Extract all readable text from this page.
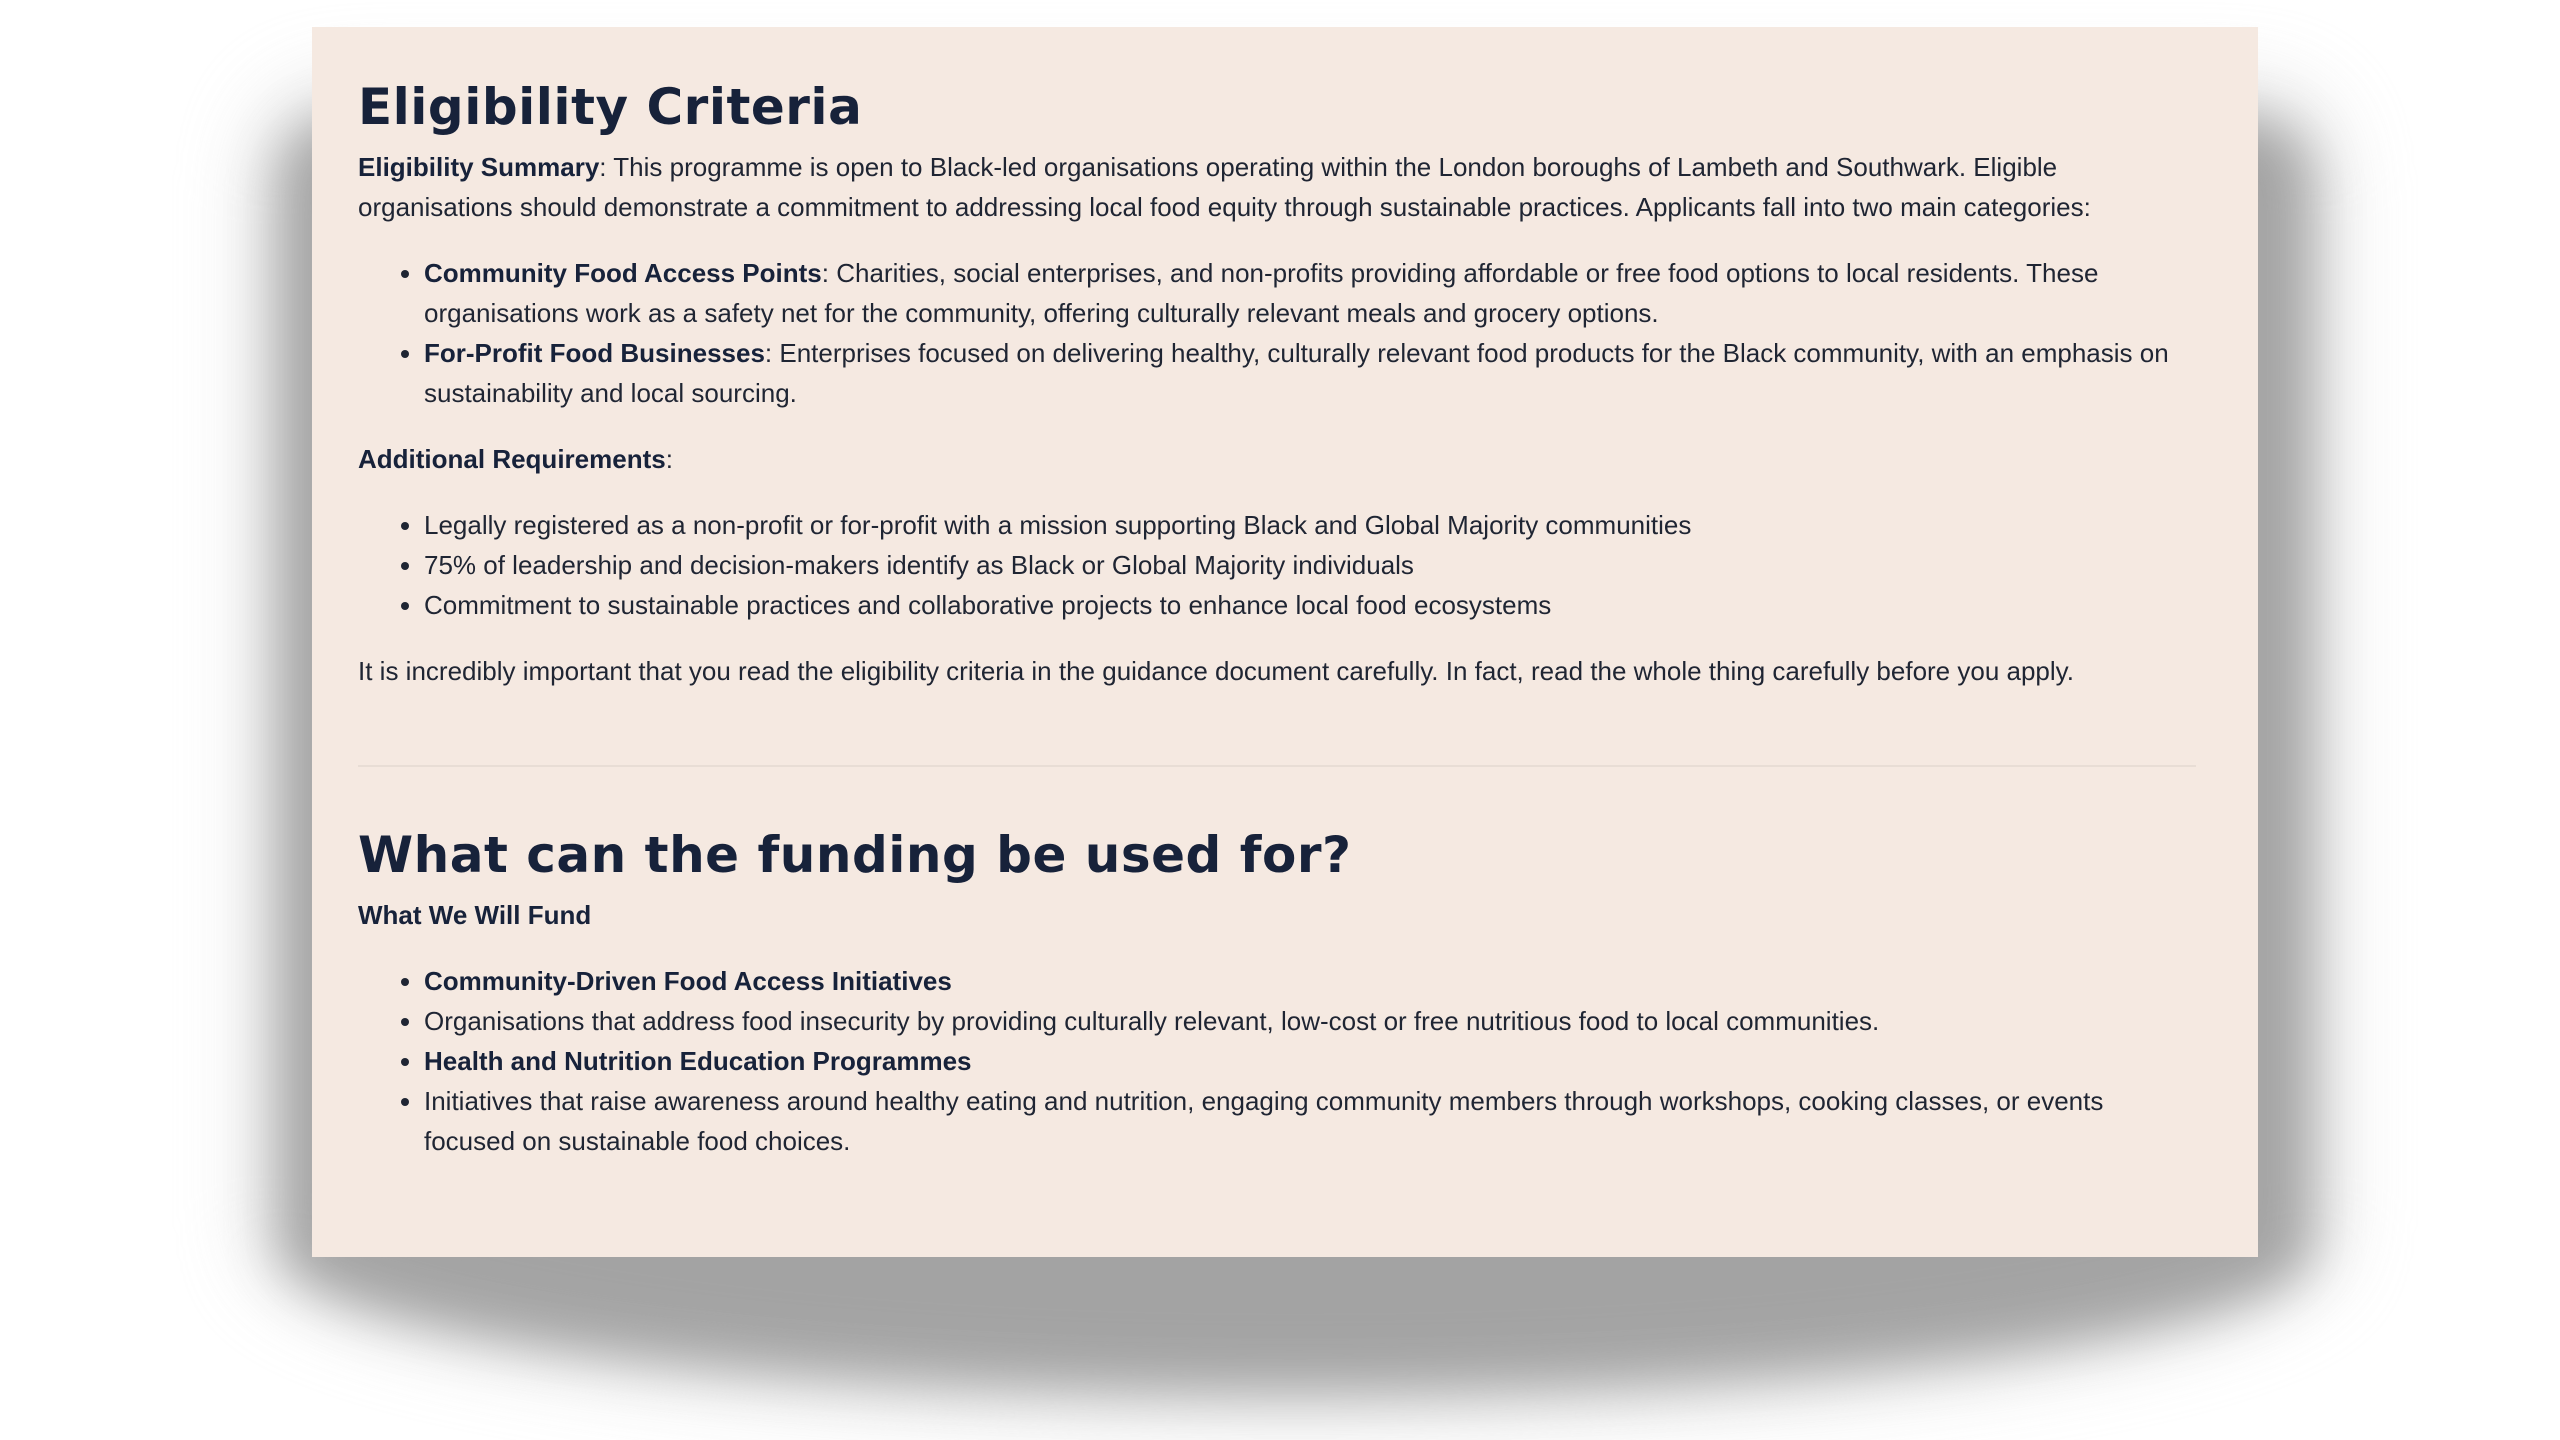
Eligibility Criteria

Eligibility Summary: This programme is open to Black-led organisations operating within the London boroughs of Lambeth and Southwark. Eligible organisations should demonstrate a commitment to addressing local food equity through sustainable practices. Applicants fall into two main categories:

• Community Food Access Points: Charities, social enterprises, and non-profits providing affordable or free food options to local residents. These organisations work as a safety net for the community, offering culturally relevant meals and grocery options.
• For-Profit Food Businesses: Enterprises focused on delivering healthy, culturally relevant food products for the Black community, with an emphasis on sustainability and local sourcing.

Additional Requirements:

• Legally registered as a non-profit or for-profit with a mission supporting Black and Global Majority communities
• 75% of leadership and decision-makers identify as Black or Global Majority individuals
• Commitment to sustainable practices and collaborative projects to enhance local food ecosystems

It is incredibly important that you read the eligibility criteria in the guidance document carefully. In fact, read the whole thing carefully before you apply.

What can the funding be used for?

What We Will Fund

• Community-Driven Food Access Initiatives
• Organisations that address food insecurity by providing culturally relevant, low-cost or free nutritious food to local communities.
• Health and Nutrition Education Programmes
• Initiatives that raise awareness around healthy eating and nutrition, engaging community members through workshops, cooking classes, or events focused on sustainable food choices.
